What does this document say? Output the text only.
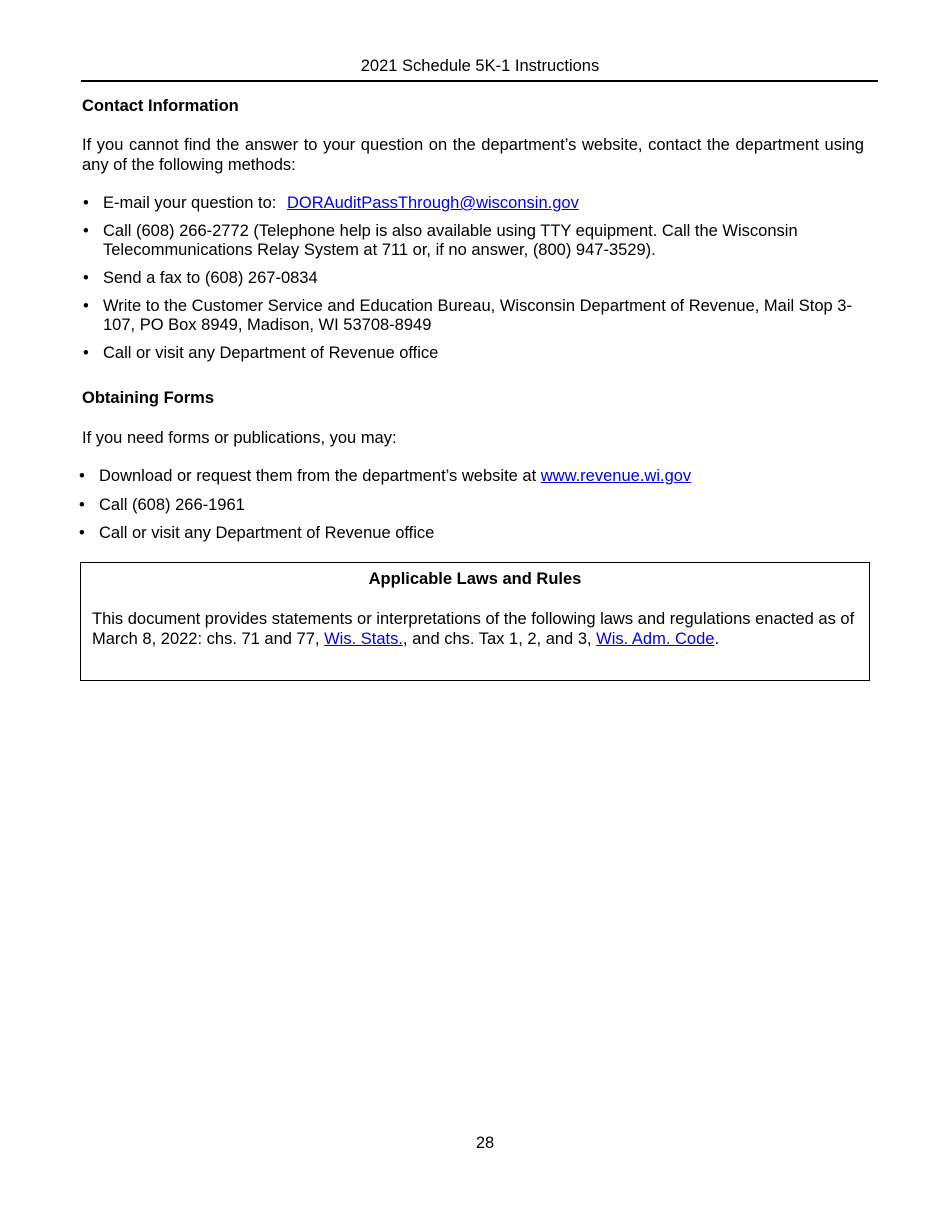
2021 Schedule 5K-1 Instructions
Contact Information

If you cannot find the answer to your question on the department’s website, contact the department using any of the following methods:

• E-mail your question to: DORAuditPassThrough@wisconsin.gov
• Call (608) 266-2772 (Telephone help is also available using TTY equipment. Call the Wisconsin Telecommunications Relay System at 711 or, if no answer, (800) 947-3529).
• Send a fax to (608) 267-0834
• Write to the Customer Service and Education Bureau, Wisconsin Department of Revenue, Mail Stop 3-107, PO Box 8949, Madison, WI 53708-8949
• Call or visit any Department of Revenue office
Obtaining Forms

If you need forms or publications, you may:

• Download or request them from the department’s website at www.revenue.wi.gov
• Call (608) 266-1961
• Call or visit any Department of Revenue office

Applicable Laws and Rules

This document provides statements or interpretations of the following laws and regulations enacted as of March 8, 2022: chs. 71 and 77, Wis. Stats., and chs. Tax 1, 2, and 3, Wis. Adm. Code.

28
